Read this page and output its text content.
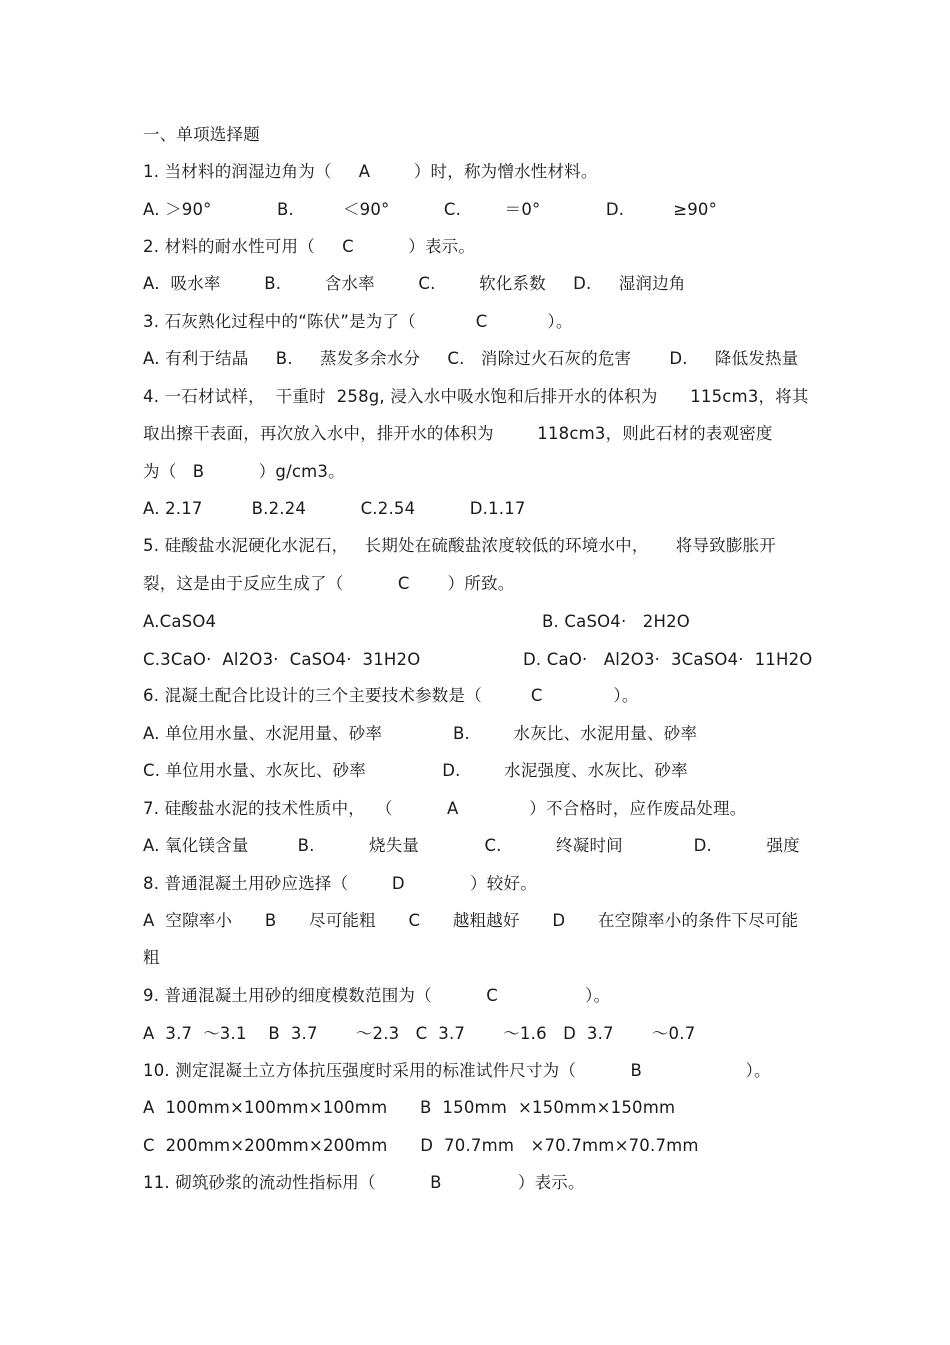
一、单项选择题
1. 当材料的润湿边角为（     A        ）时，称为憎水性材料。
A. ＞90°            B.         ＜90°          C.        ＝0°            D.         ≥90°
2. 材料的耐水性可用（     C          ）表示。
A.  吸水率        B.        含水率        C.        软化系数     D.     湿润边角
3. 石灰熟化过程中的“陈伏”是为了（           C           ）。
A. 有利于结晶     B.     蒸发多余水分     C.   消除过火石灰的危害       D.     降低发热量
4. 一石材试样，  干重时  258g, 浸入水中吸水饱和后排开水的体积为      115cm3，将其
取出擦干表面，再次放入水中，排开水的体积为        118cm3，则此石材的表观密度
为（   B          ）g/cm3。
A. 2.17         B.2.24          C.2.54          D.1.17
5. 硅酸盐水泥硬化水泥石，   长期处在硫酸盐浓度较低的环境水中，     将导致膨胀开
裂，这是由于反应生成了（          C       ）所致。
A.CaSO4	B. CaSO4·   2H2O
C.3CaO·  Al2O3·  CaSO4·  31H2O	D. CaO·   Al2O3·  3CaSO4·  11H2O
6. 混凝土配合比设计的三个主要技术参数是（         C             ）。
A. 单位用水量、水泥用量、砂率             B.        水灰比、水泥用量、砂率
C. 单位用水量、水灰比、砂率              D.        水泥强度、水灰比、砂率
7. 硅酸盐水泥的技术性质中，  （          A             ）不合格时，应作废品处理。
A. 氧化镁含量         B.          烧失量            C.          终凝时间             D.          强度
8. 普通混凝土用砂应选择（        D            ）较好。
A  空隙率小      B      尽可能粗      C      越粗越好      D      在空隙率小的条件下尽可能
粗
9. 普通混凝土用砂的细度模数范围为（          C                ）。
A  3.7  ～3.1    B  3.7       ～2.3   C  3.7       ～1.6   D  3.7       ～0.7
10. 测定混凝土立方体抗压强度时采用的标准试件尺寸为（          B                   ）。
A  100mm×100mm×100mm      B  150mm  ×150mm×150mm
C  200mm×200mm×200mm      D  70.7mm   ×70.7mm×70.7mm
11. 砌筑砂浆的流动性指标用（          B              ）表示。
